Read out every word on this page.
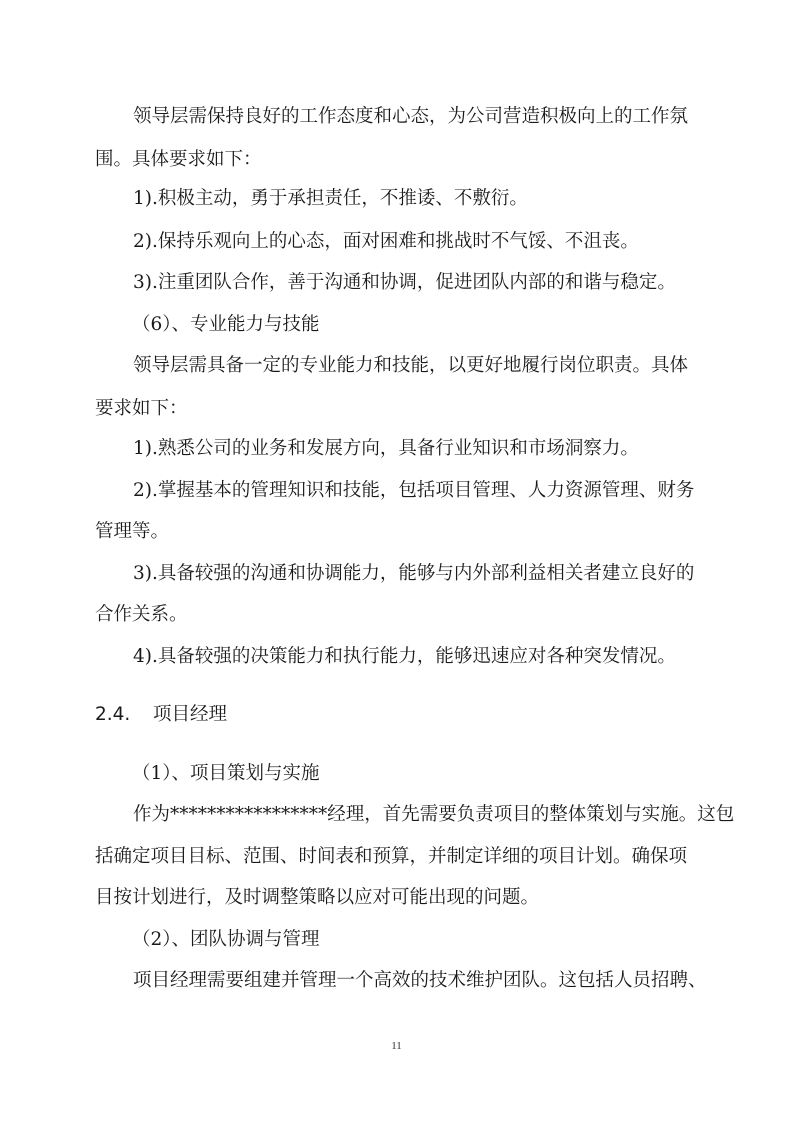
领导层需保持良好的工作态度和心态，为公司营造积极向上的工作氛

围。具体要求如下：

1).积极主动，勇于承担责任，不推诿、不敷衍。

2).保持乐观向上的心态，面对困难和挑战时不气馁、不沮丧。

3).注重团队合作，善于沟通和协调，促进团队内部的和谐与稳定。

（6）、专业能力与技能

领导层需具备一定的专业能力和技能，以更好地履行岗位职责。具体

要求如下：

1).熟悉公司的业务和发展方向，具备行业知识和市场洞察力。

2).掌握基本的管理知识和技能，包括项目管理、人力资源管理、财务

管理等。

3).具备较强的沟通和协调能力，能够与内外部利益相关者建立良好的

合作关系。

4).具备较强的决策能力和执行能力，能够迅速应对各种突发情况。

2.4. 项目经理

（1）、项目策划与实施

作为*****************经理，首先需要负责项目的整体策划与实施。这包

括确定项目目标、范围、时间表和预算，并制定详细的项目计划。确保项

目按计划进行，及时调整策略以应对可能出现的问题。

（2）、团队协调与管理

项目经理需要组建并管理一个高效的技术维护团队。这包括人员招聘、

11
